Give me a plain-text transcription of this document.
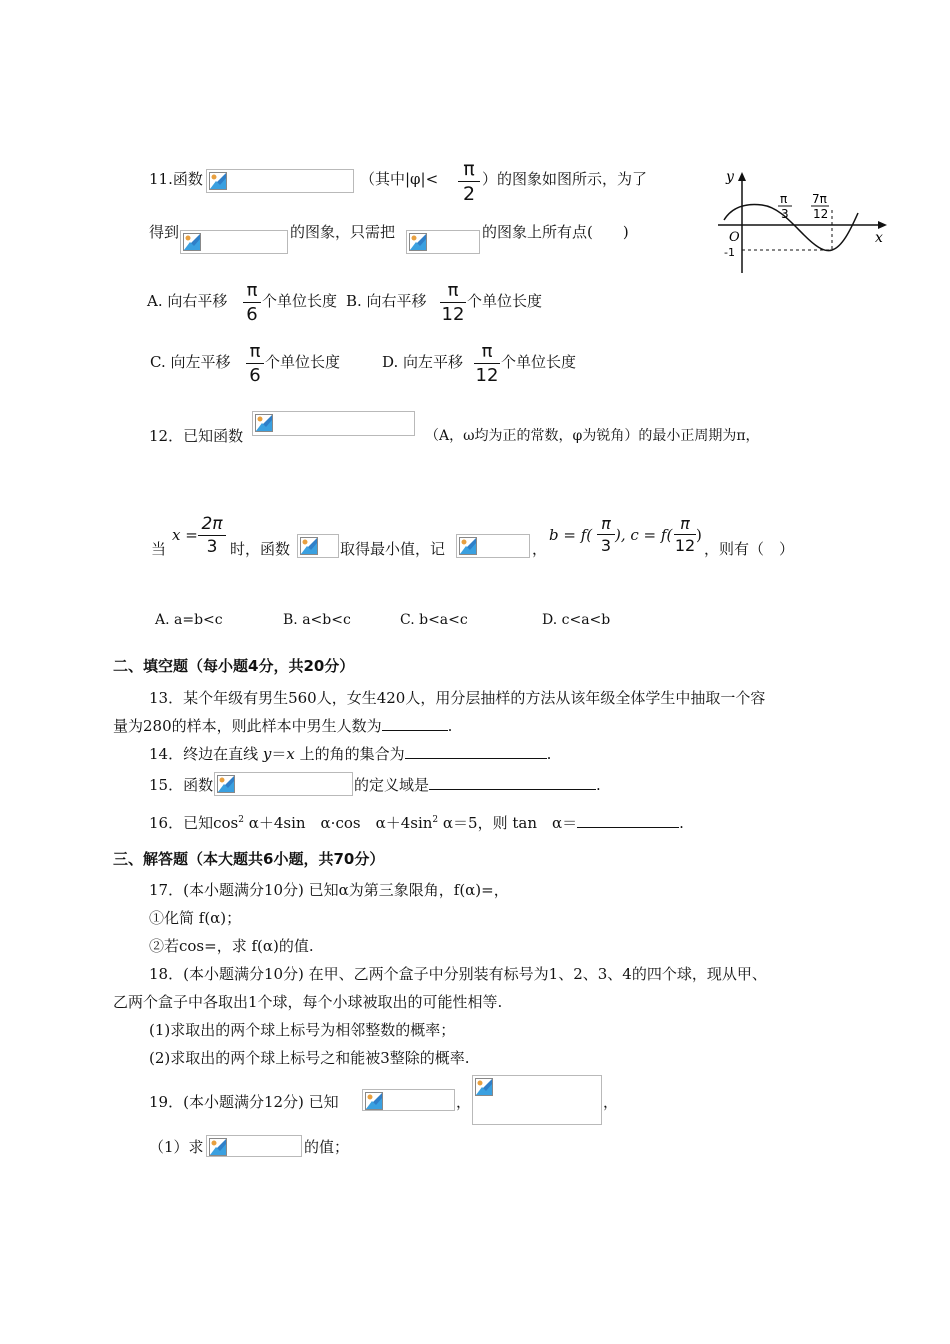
11.函数	（其中|φ|< π
2
）的图象如图所示，为了
得到	的图象，只需把	的图象上所有点(　　)
A. 向右平移 π
6
个单位长度 B. 向右平移	π
12
个单位长度
C. 向左平移 π
6
个单位长度	D. 向左平移	π
12
个单位长度
y
x
O
-1
π
3
7π
12
12．已知函数	（A，ω均为正的常数，φ为锐角）的最小正周期为π，
当
x =
2π
3 时，函数	取得最小值，记	，
b = f(
π
3
), c = f(
π
12
)
，则有（　）
A. a=b<c	B. a<b<c	C. b<a<c	D. c<a<b
二、填空题（每小题4分，共20分）
13．某个年级有男生560人，女生420人，用分层抽样的方法从该年级全体学生中抽取一个容
量为280的样本，则此样本中男生人数为	.
14．终边在直线 y＝x 上的角的集合为	.
15．函数	的定义域是	.
16．已知$\cos^2 \alpha+4\sin$　α·cos　$\alpha+4\sin^2$ α＝5，则 tan　α＝	.
三、解答题（本大题共6小题，共70分）
17．(本小题满分10分) 已知α为第三象限角，f(α)=，
①化简 f(α)；
②若cos=，求 f(α)的值.
18．(本小题满分10分) 在甲、乙两个盒子中分别装有标号为1、2、3、4的四个球，现从甲、
乙两个盒子中各取出1个球，每个小球被取出的可能性相等.
(1)求取出的两个球上标号为相邻整数的概率；
(2)求取出的两个球上标号之和能被3整除的概率.
19．(本小题满分12分) 已知	，	，
（1）求	的值；
